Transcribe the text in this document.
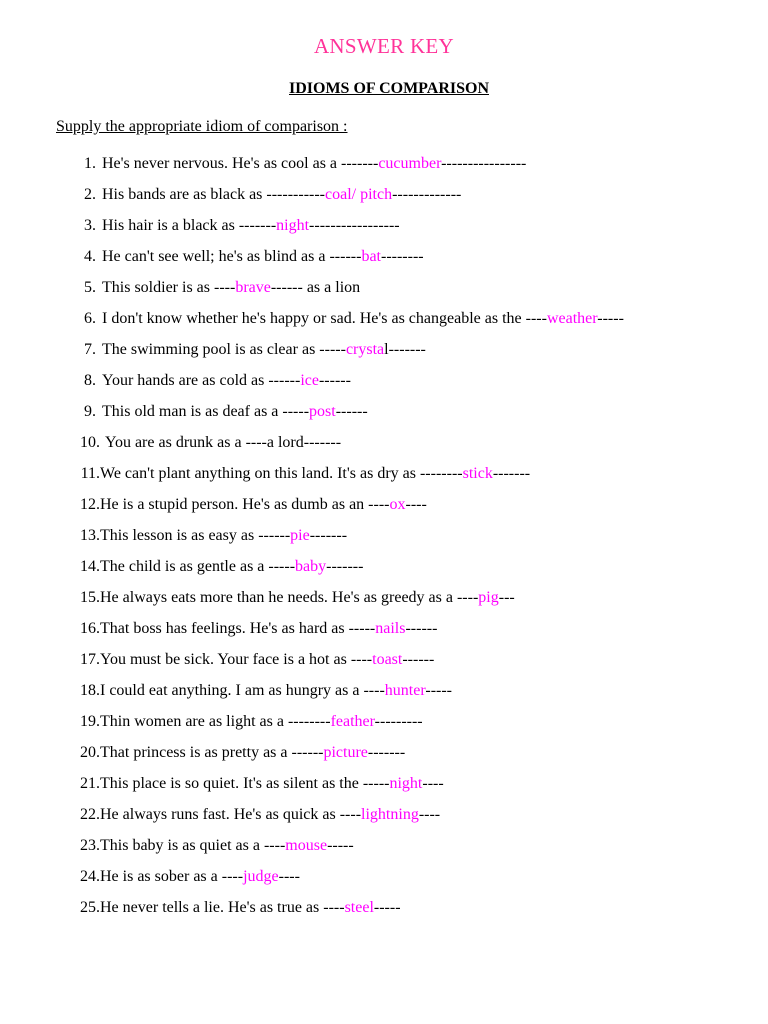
ANSWER KEY
IDIOMS OF COMPARISON
Supply the appropriate idiom of comparison :
1. He's never nervous. He's as cool as a -------cucumber----------------
2. His bands are as black as -----------coal/ pitch-------------
3. His hair is a black as -------night-----------------
4. He can't see well; he's as blind as a ------bat--------
5. This soldier is as ----brave------ as a lion
6. I don't know whether he's happy or sad. He's as changeable as the ----weather-----
7. The swimming pool is as clear as -----crystal-------
8. Your hands are as cold as ------ice------
9. This old man is as deaf as a -----post------
10. You are as drunk as a ----a lord-------
11. We can't plant anything on this land. It's as dry as --------stick-------
12. He is a stupid person. He's as dumb as an ----ox----
13. This lesson is as easy as ------pie-------
14. The child is as gentle as a -----baby-------
15. He always eats more than he needs. He's as greedy as a ----pig---
16. That boss has feelings. He's as hard as -----nails------
17. You must be sick. Your face is a hot as ----toast------
18. I could eat anything. I am as hungry as a ----hunter-----
19. Thin women are as light as a --------feather---------
20. That princess is as pretty as a ------picture-------
21. This place is so quiet. It's as silent as the -----night----
22. He always runs fast. He's as quick as ----lightning----
23. This baby is as quiet as a ----mouse-----
24. He is as sober as a ----judge----
25. He never tells a lie. He's as true as ----steel-----
